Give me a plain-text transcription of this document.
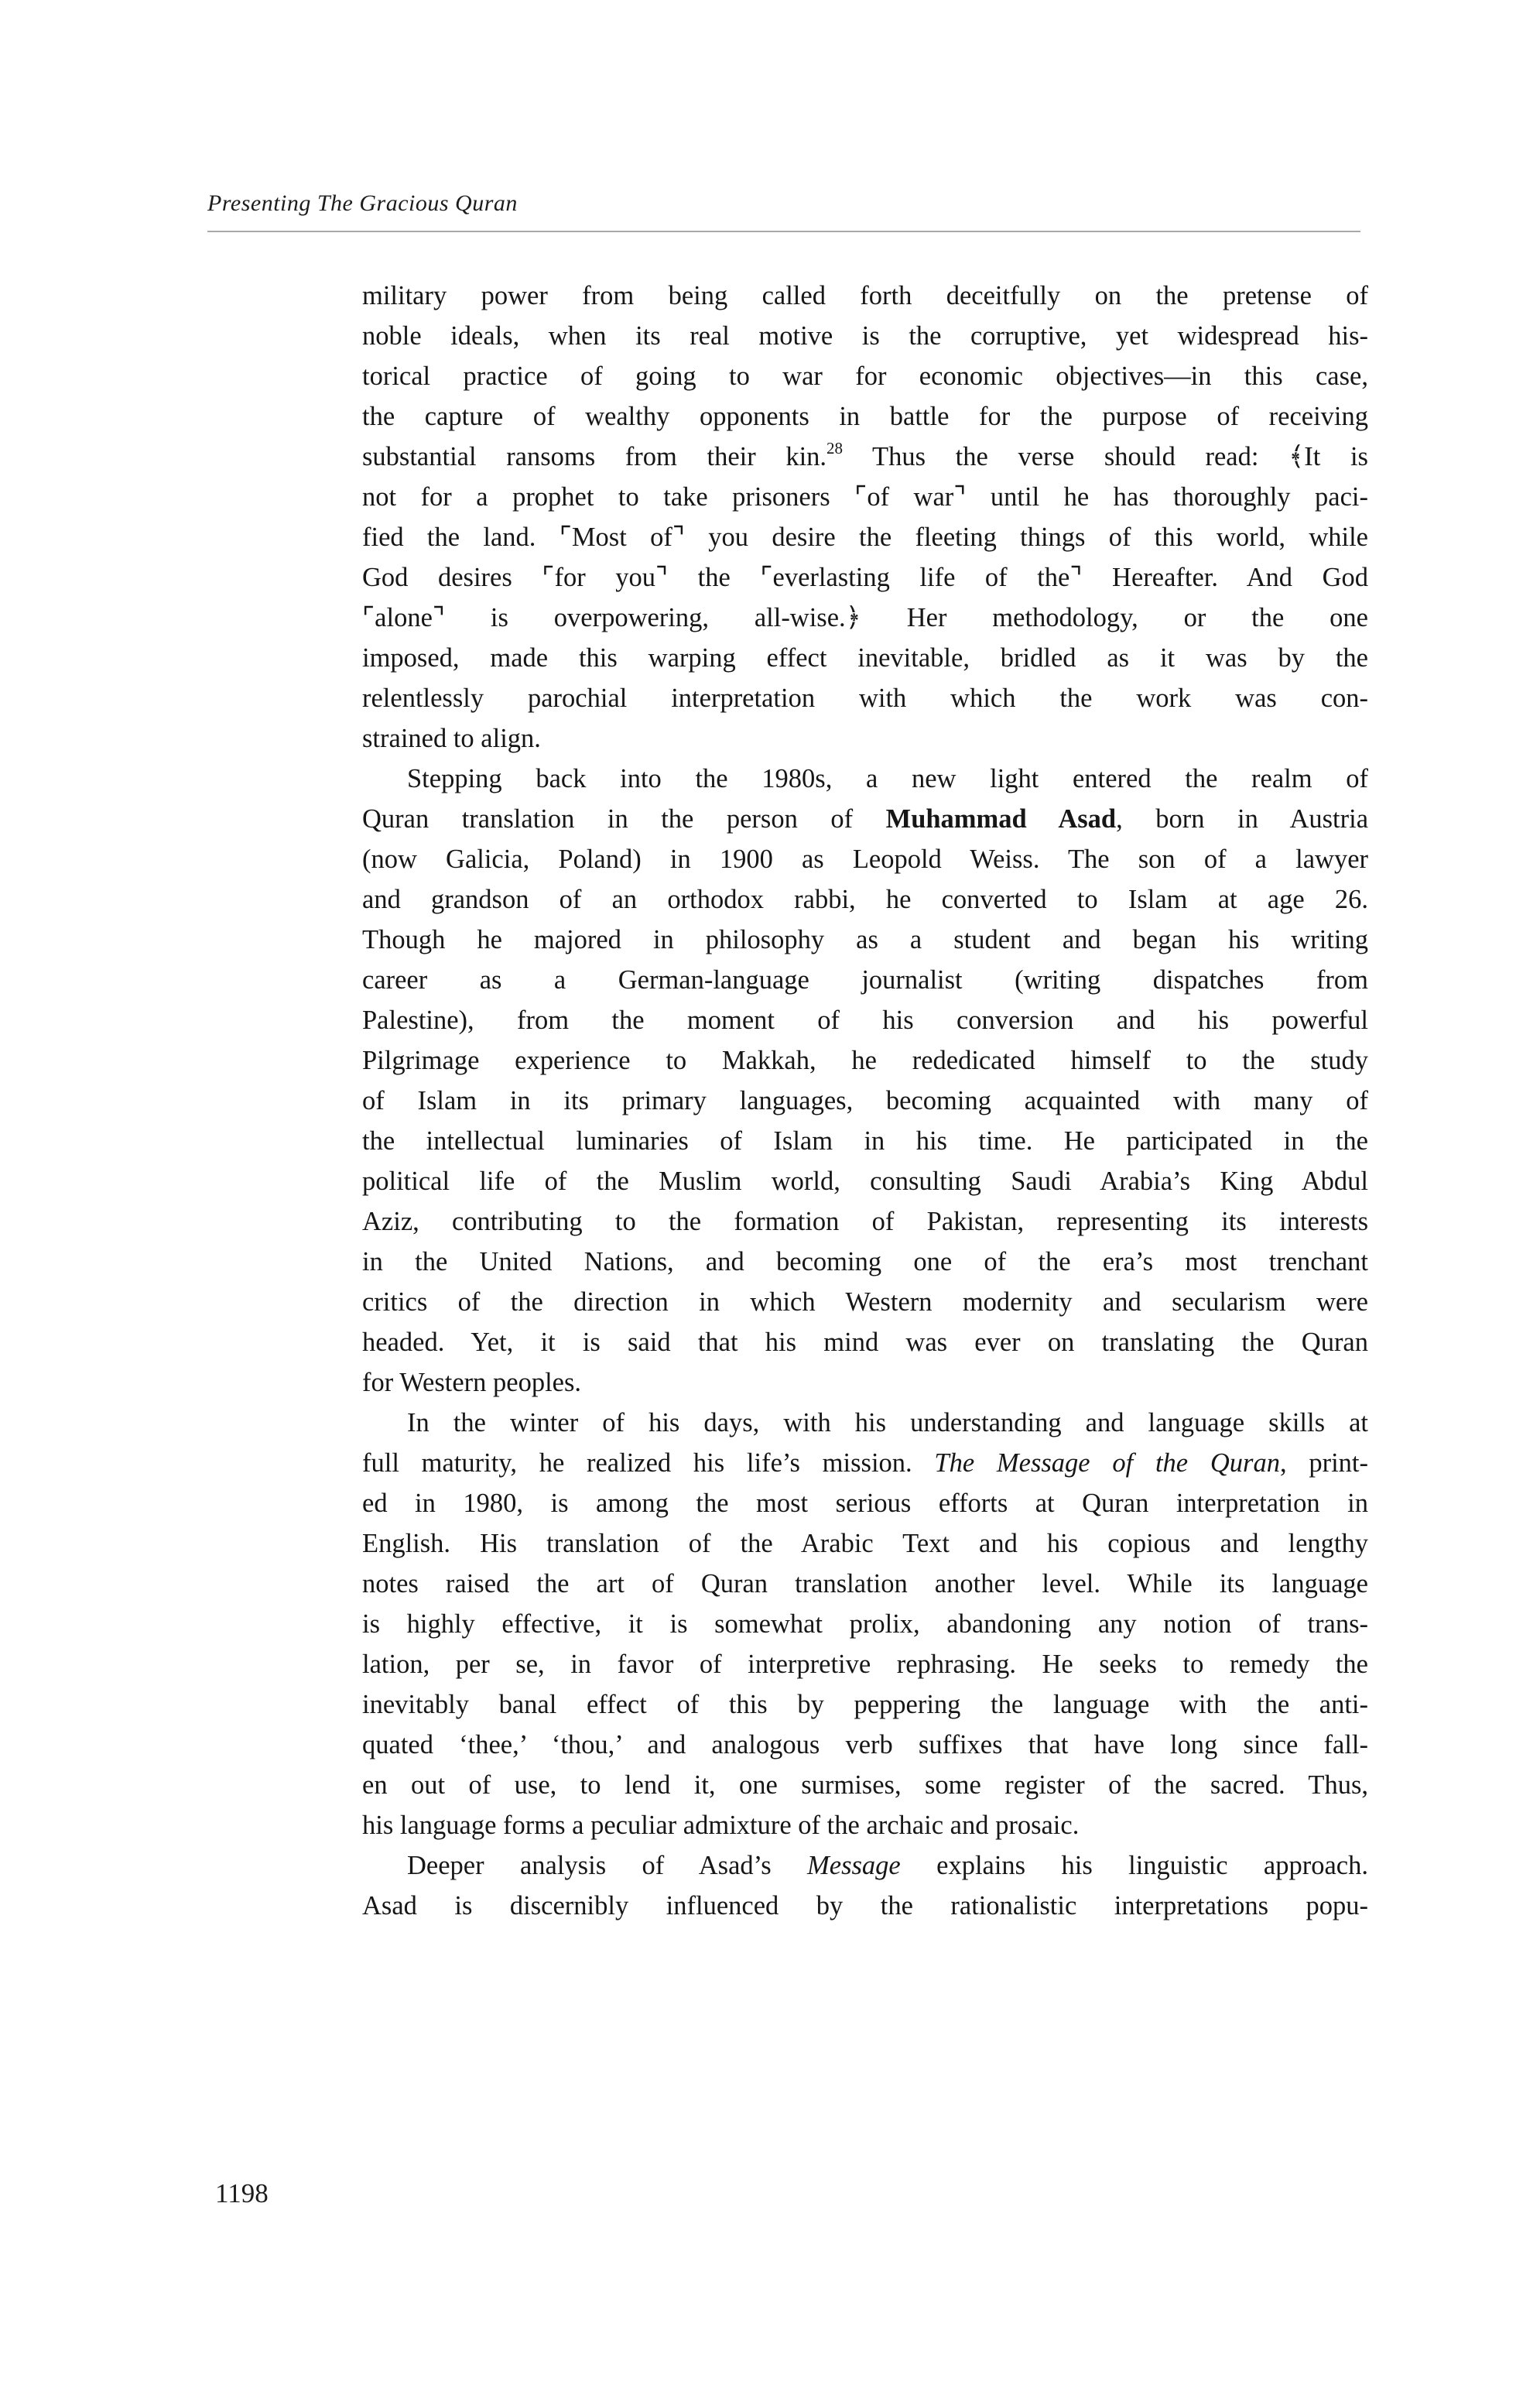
Presenting The Gracious Quran
military power from being called forth deceitfully on the pretense of
noble ideals, when its real motive is the corruptive, yet widespread his-
torical practice of going to war for economic objectives—in this case,
the capture of wealthy opponents in battle for the purpose of receiving
substantial ransoms from their kin.$^{28}$ Thus the verse should read: ﴾It is
not for a prophet to take prisoners ⌜of war⌝ until he has thoroughly paci-
fied the land. ⌜Most of⌝ you desire the fleeting things of this world, while
God desires ⌜for you⌝ the ⌜everlasting life of the⌝ Hereafter. And God
⌜alone⌝ is overpowering, all-wise.﴿ Her methodology, or the one
imposed, made this warping effect inevitable, bridled as it was by the
relentlessly parochial interpretation with which the work was con-
strained to align.
Stepping back into the 1980s, a new light entered the realm of
Quran translation in the person of Muhammad Asad, born in Austria
(now Galicia, Poland) in 1900 as Leopold Weiss. The son of a lawyer
and grandson of an orthodox rabbi, he converted to Islam at age 26.
Though he majored in philosophy as a student and began his writing
career as a German-language journalist (writing dispatches from
Palestine), from the moment of his conversion and his powerful
Pilgrimage experience to Makkah, he rededicated himself to the study
of Islam in its primary languages, becoming acquainted with many of
the intellectual luminaries of Islam in his time. He participated in the
political life of the Muslim world, consulting Saudi Arabia’s King Abdul
Aziz, contributing to the formation of Pakistan, representing its interests
in the United Nations, and becoming one of the era’s most trenchant
critics of the direction in which Western modernity and secularism were
headed. Yet, it is said that his mind was ever on translating the Quran
for Western peoples.
In the winter of his days, with his understanding and language skills at
full maturity, he realized his life’s mission. The Message of the Quran, print-
ed in 1980, is among the most serious efforts at Quran interpretation in
English. His translation of the Arabic Text and his copious and lengthy
notes raised the art of Quran translation another level. While its language
is highly effective, it is somewhat prolix, abandoning any notion of trans-
lation, per se, in favor of interpretive rephrasing. He seeks to remedy the
inevitably banal effect of this by peppering the language with the anti-
quated ‘thee,’ ‘thou,’ and analogous verb suffixes that have long since fall-
en out of use, to lend it, one surmises, some register of the sacred. Thus,
his language forms a peculiar admixture of the archaic and prosaic.
Deeper analysis of Asad’s Message explains his linguistic approach.
Asad is discernibly influenced by the rationalistic interpretations popu-
1198
